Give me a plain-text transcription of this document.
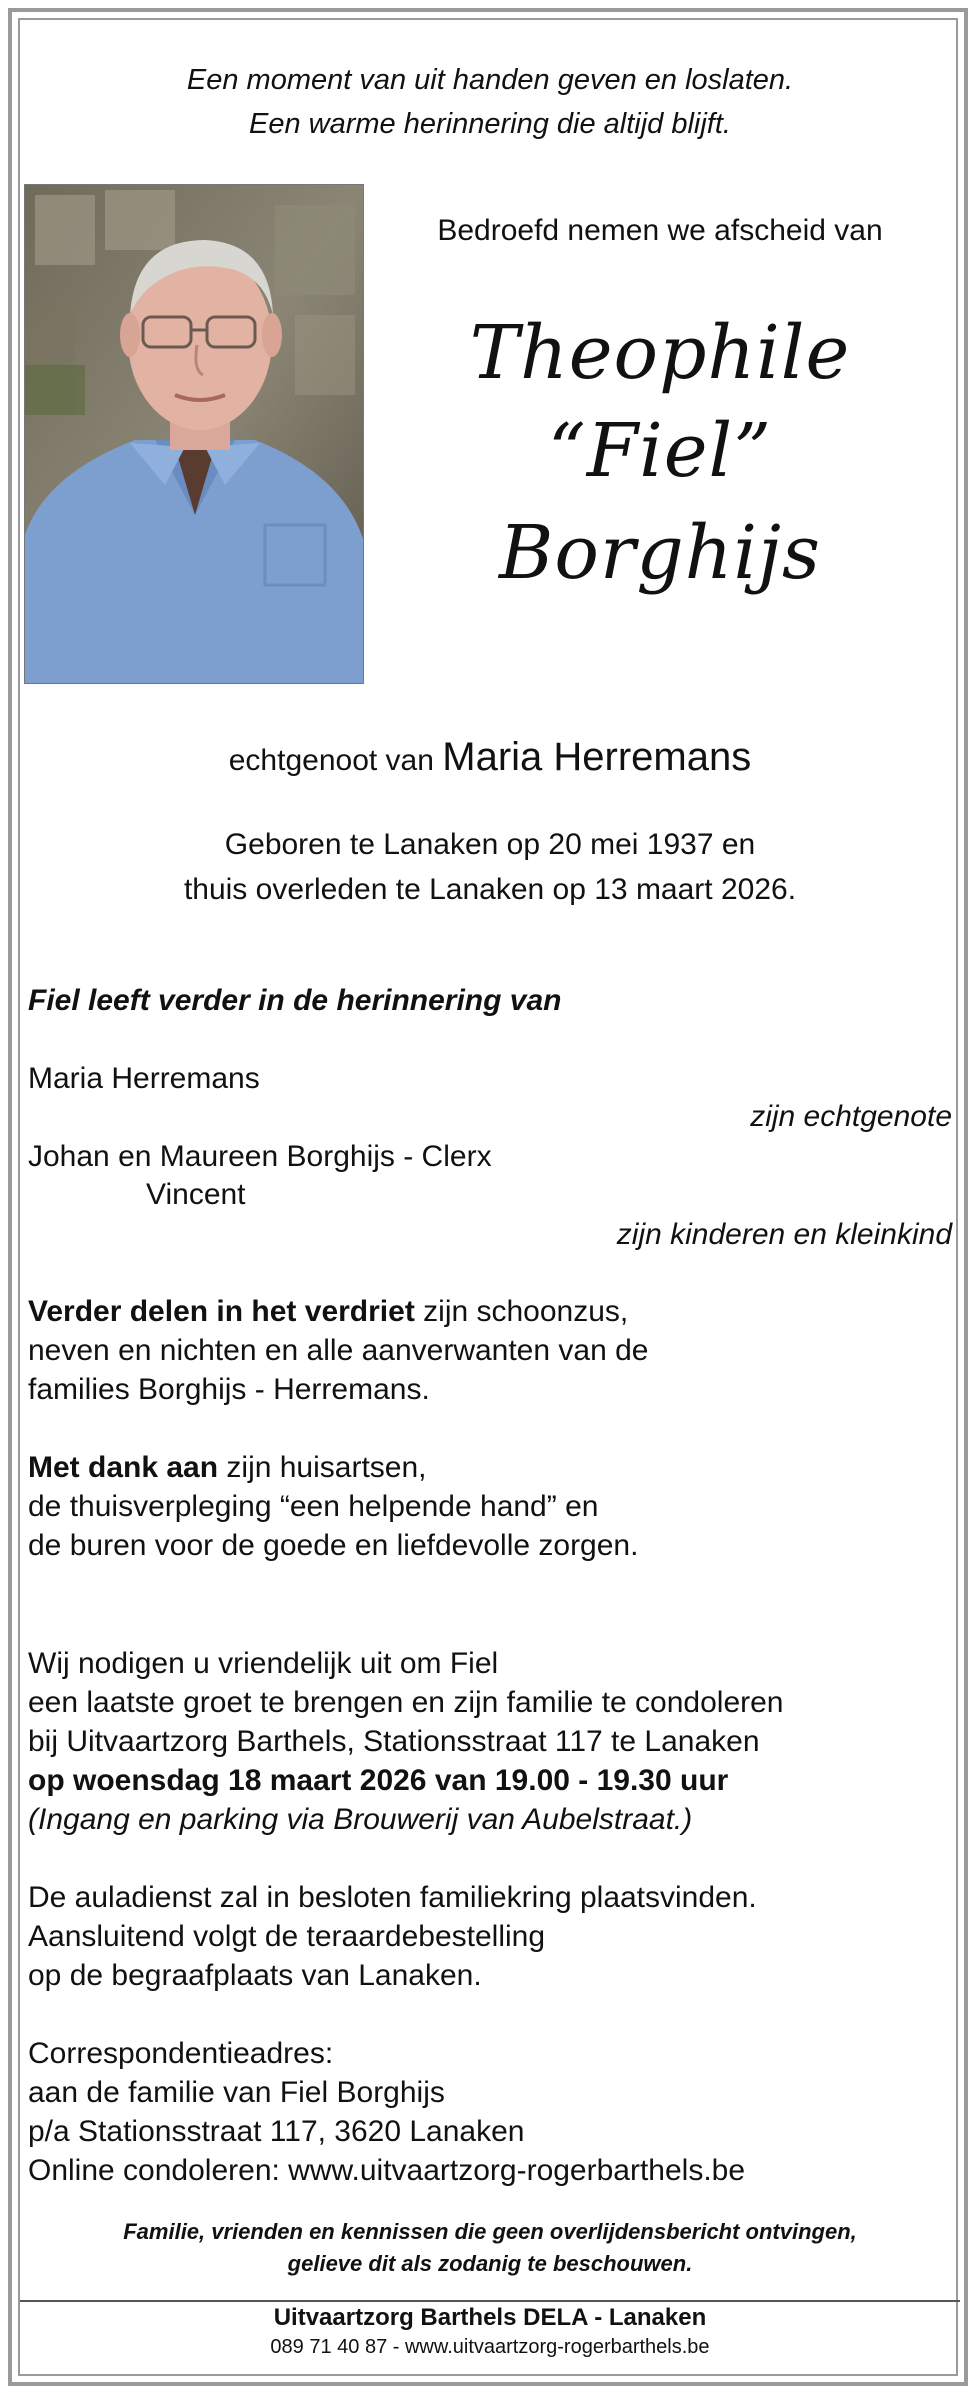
Een moment van uit handen geven en loslaten.
Een warme herinnering die altijd blijft.
Bedroefd nemen we afscheid van
Theophile
“Fiel”
Borghijs
echtgenoot van Maria Herremans
Geboren te Lanaken op 20 mei 1937 en
thuis overleden te Lanaken op 13 maart 2026.
Fiel leeft verder in de herinnering van
Maria Herremans
zijn echtgenote
Johan en Maureen Borghijs - Clerx
Vincent
zijn kinderen en kleinkind
Verder delen in het verdriet zijn schoonzus,
neven en nichten en alle aanverwanten van de
families Borghijs - Herremans.
Met dank aan zijn huisartsen,
de thuisverpleging “een helpende hand” en
de buren voor de goede en liefdevolle zorgen.
Wij nodigen u vriendelijk uit om Fiel
een laatste groet te brengen en zijn familie te condoleren
bij Uitvaartzorg Barthels, Stationsstraat 117 te Lanaken
op woensdag 18 maart 2026 van 19.00 - 19.30 uur
(Ingang en parking via Brouwerij van Aubelstraat.)
De auladienst zal in besloten familiekring plaatsvinden.
Aansluitend volgt de teraardebestelling
op de begraafplaats van Lanaken.
Correspondentieadres:
aan de familie van Fiel Borghijs
p/a Stationsstraat 117, 3620 Lanaken
Online condoleren: www.uitvaartzorg-rogerbarthels.be
Familie, vrienden en kennissen die geen overlijdensbericht ontvingen,
gelieve dit als zodanig te beschouwen.
Uitvaartzorg Barthels DELA - Lanaken
089 71 40 87 - www.uitvaartzorg-rogerbarthels.be
